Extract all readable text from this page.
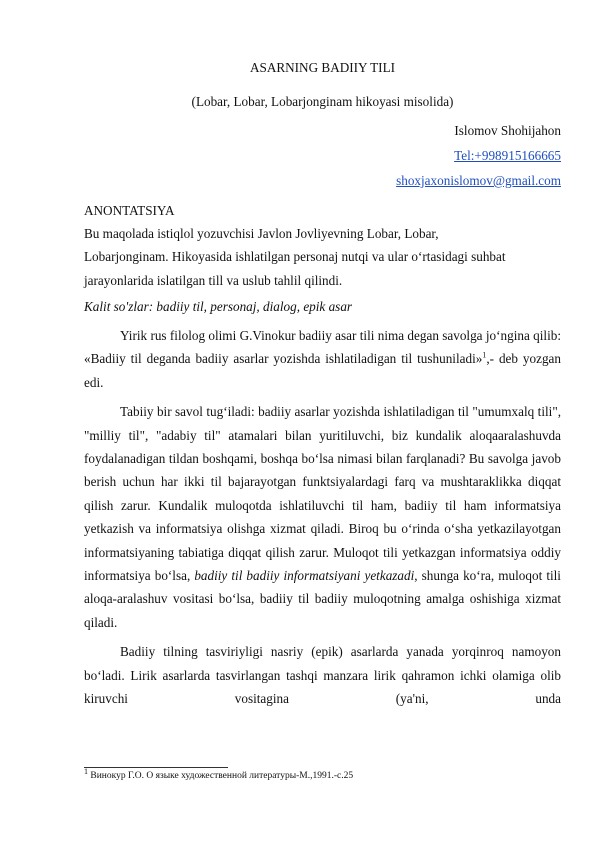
ASARNING BADIIY TILI
(Lobar, Lobar, Lobarjonginam hikoyasi misolida)
Islomov Shohijahon
Tel:+998915166665
shoxjaxonislomov@gmail.com
ANONTATSIYA
Bu maqolada istiqlol yozuvchisi Javlon Jovliyevning Lobar, Lobar,
Lobarjonginam. Hikoyasida ishlatilgan personaj nutqi va ular o‘rtasidagi suhbat
jarayonlarida islatilgan till va uslub tahlil qilindi.
Kalit so'zlar: badiiy til, personaj, dialog, epik asar

Yirik rus filolog olimi G.Vinokur badiiy asar tili nima degan savolga jo‘ngina qilib: «Badiiy til deganda badiiy asarlar yozishda ishlatiladigan til tushuniladi»$^1$,- deb yozgan edi.

Tabiiy bir savol tug‘iladi: badiiy asarlar yozishda ishlatiladigan til "umumxalq tili", "milliy til", "adabiy til" atamalari bilan yuritiluvchi, biz kundalik aloqaaralashuvda foydalanadigan tildan boshqami, boshqa bo‘lsa nimasi bilan farqlanadi? Bu savolga javob berish uchun har ikki til bajarayotgan funktsiyalardagi farq va mushtaraklikka diqqat qilish zarur. Kundalik muloqotda ishlatiluvchi til ham, badiiy til ham informatsiya yetkazish va informatsiya olishga xizmat qiladi. Biroq bu o‘rinda o‘sha yetkazilayotgan informatsiyaning tabiatiga diqqat qilish zarur. Muloqot tili yetkazgan informatsiya oddiy informatsiya bo‘lsa, badiiy til badiiy informatsiyani yetkazadi, shunga ko‘ra, muloqot tili aloqa-aralashuv vositasi bo‘lsa, badiiy til badiiy muloqotning amalga oshishiga xizmat qiladi.

Badiiy tilning tasviriyligi nasriy (epik) asarlarda yanada yorqinroq namoyon bo‘ladi. Lirik asarlarda tasvirlangan tashqi manzara lirik qahramon ichki olamiga olib kiruvchi vositagina (ya'ni, unda

$^1$ Винокур Г.О. О языке художественной литературы-М.,1991.-с.25
